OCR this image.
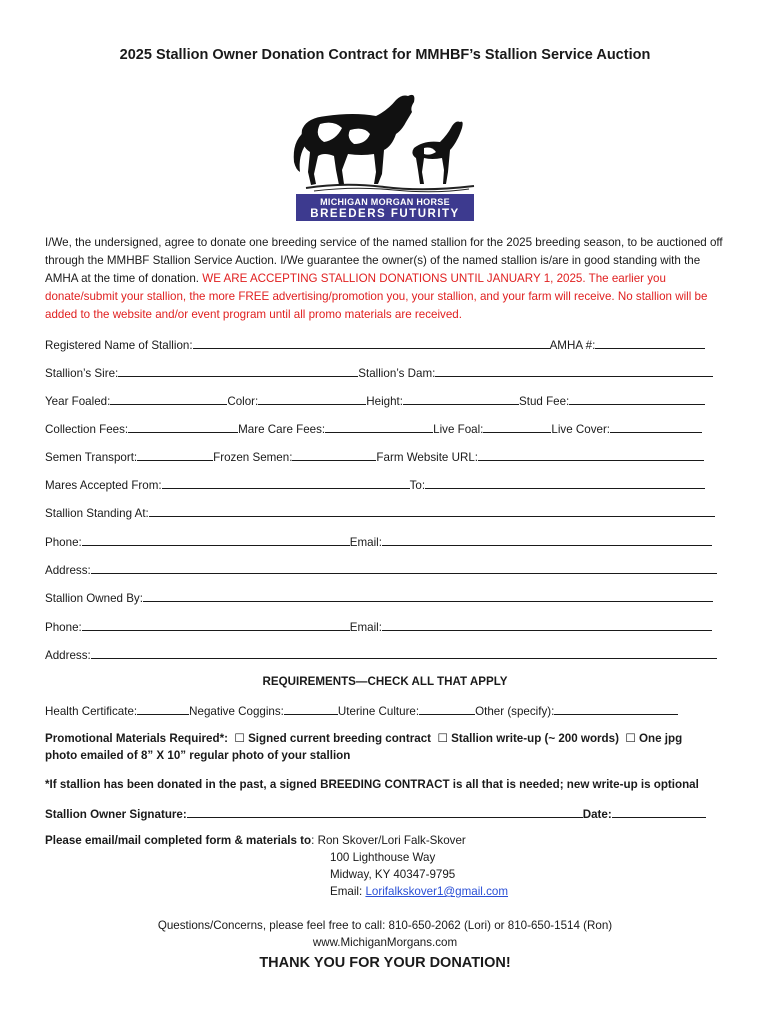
2025 Stallion Owner Donation Contract for MMHBF’s Stallion Service Auction
MICHIGAN MORGAN HORSE
BREEDERS FUTURITY
I/We, the undersigned, agree to donate one breeding service of the named stallion for the 2025 breeding season, to be auctioned off through the MMHBF Stallion Service Auction. I/We guarantee the owner(s) of the named stallion is/are in good standing with the AMHA at the time of donation. WE ARE ACCEPTING STALLION DONATIONS UNTIL JANUARY 1, 2025. The earlier you donate/submit your stallion, the more FREE advertising/promotion you, your stallion, and your farm will receive. No stallion will be added to the website and/or event program until all promo materials are received.
Registered Name of Stallion:	AMHA #:
Stallion’s Sire:	Stallion’s Dam:
Year Foaled:	Color:	Height:	Stud Fee:
Collection Fees:	Mare Care Fees:	Live Foal:	Live Cover:
Semen Transport:	Frozen Semen:	Farm Website URL:
Mares Accepted From:	To:
Stallion Standing At:
Phone:	Email:
Address:
Stallion Owned By:
Phone:	Email:
Address:
REQUIREMENTS—CHECK ALL THAT APPLY
Health Certificate:	Negative Coggins:	Uterine Culture:	Other (specify):
Promotional Materials Required*: ☐ Signed current breeding contract ☐ Stallion write-up (~ 200 words) ☐ One jpg
photo emailed of 8” X 10” regular photo of your stallion
*If stallion has been donated in the past, a signed BREEDING CONTRACT is all that is needed; new write-up is optional
Stallion Owner Signature:	Date:
Please email/mail completed form & materials to: Ron Skover/Lori Falk-Skover
100 Lighthouse Way
Midway, KY 40347-9795
Email: Lorifalkskover1@gmail.com
Questions/Concerns, please feel free to call: 810-650-2062 (Lori) or 810-650-1514 (Ron)
www.MichiganMorgans.com
THANK YOU FOR YOUR DONATION!
